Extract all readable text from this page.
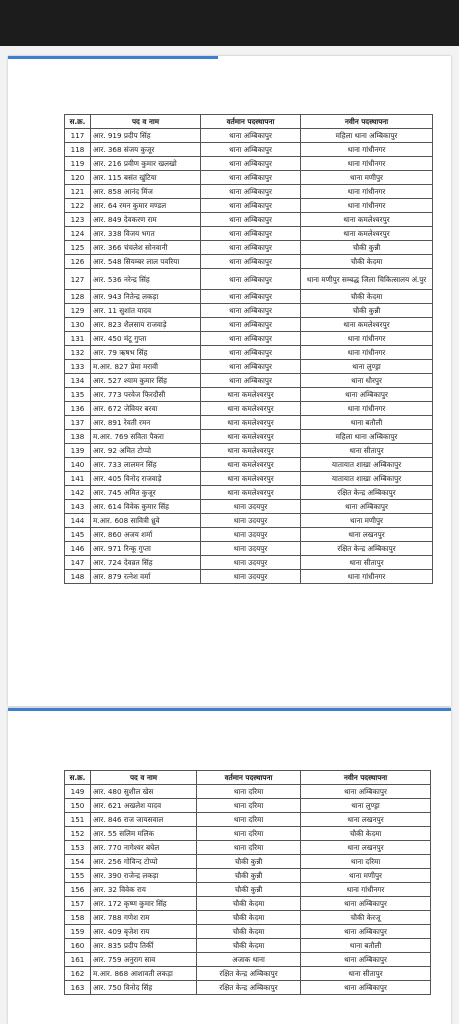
स.क्र.	पद व नाम	वर्तमान पदस्थापना	नवीन पदस्थापना
117	आर. 919 प्रदीप सिंह	थाना अम्बिकापुर	महिला थाना अम्बिकापुर
118	आर. 368 संजय कुजूर	थाना अम्बिकापुर	थाना गांधीनगर
119	आर. 216 प्रवीण कुमार खलखो	थाना अम्बिकापुर	थाना गांधीनगर
120	आर. 115 बसंत खुंटिया	थाना अम्बिकापुर	थाना मणीपुर
121	आर. 858 आनंद मिंज	थाना अम्बिकापुर	थाना गांधीनगर
122	आर. 64 रमन कुमार मण्डल	थाना अम्बिकापुर	थाना गांधीनगर
123	आर. 849 देवकरण राम	थाना अम्बिकापुर	थाना कमलेश्वरपुर
124	आर. 338 विजय भगत	थाना अम्बिकापुर	थाना कमलेश्वरपुर
125	आर. 366 चंचलेश सोनवानी	थाना अम्बिकापुर	चौकी कुन्नी
126	आर. 548 सियम्बर लाल पवरिया	थाना अम्बिकापुर	चौकी केदमा
127	आर. 536 नरेन्द्र सिंह	थाना अम्बिकापुर	थाना मणीपुर सम्बद्ध जिला चिकित्सालय अं.पुर
128	आर. 943 नितेन्द्र लकड़ा	थाना अम्बिकापुर	चौकी केदमा
129	आर. 11 सुशांत यादव	थाना अम्बिकापुर	चौकी कुन्नी
130	आर. 823 शैलसाय राजवाड़े	थाना अम्बिकापुर	थाना कमलेश्वरपुर
131	आर. 450 मंटू गुप्ता	थाना अम्बिकापुर	थाना गांधीनगर
132	आर. 79 ऋषभ सिंह	थाना अम्बिकापुर	थाना गांधीनगर
133	म.आर. 827 प्रेमा मरावी	थाना अम्बिकापुर	थाना लुण्ड्रा
134	आर. 527 श्याम कुमार सिंह	थाना अम्बिकापुर	थाना धौरपुर
135	आर. 773 परवेज फिरदौसी	थाना कमलेश्वरपुर	थाना अम्बिकापुर
136	आर. 672 जेवियर बरवा	थाना कमलेश्वरपुर	थाना गांधीनगर
137	आर. 891 रेवती रमन	थाना कमलेश्वरपुर	थाना बतौली
138	म.आर. 769 सविता पैकरा	थाना कमलेश्वरपुर	महिला थाना अम्बिकापुर
139	आर. 92 अमित टोप्पो	थाना कमलेश्वरपुर	थाना सीतापुर
140	आर. 733 लालमन सिंह	थाना कमलेश्वरपुर	यातायात शाखा अम्बिकापुर
141	आर. 405 विनोद राजवाड़े	थाना कमलेश्वरपुर	यातायात शाखा अम्बिकापुर
142	आर. 745 अमित कुजूर	थाना कमलेश्वरपुर	रक्षित केन्द्र अम्बिकापुर
143	आर. 614 विवेक कुमार सिंह	थाना उदयपुर	थाना अम्बिकापुर
144	म.आर. 608 सावित्री ध्रुवे	थाना उदयपुर	थाना मणीपुर
145	आर. 860 अजय शर्मा	थाना उदयपुर	थाना लखनपुर
146	आर. 971 रिन्कू गुप्ता	थाना उदयपुर	रक्षित केन्द्र अम्बिकापुर
147	आर. 724 देवव्रत सिंह	थाना उदयपुर	थाना सीतापुर
148	आर. 879 रत्नेश वर्मा	थाना उदयपुर	थाना गांधीनगर
स.क्र.	पद व नाम	वर्तमान पदस्थापना	नवीन पदस्थापना
149	आर. 480 सुशील खेस	थाना दरिमा	थाना अम्बिकापुर
150	आर. 621 अखलेश यादव	थाना दरिमा	थाना लुण्ड्रा
151	आर. 846 राज जायसवाल	थाना दरिमा	थाना लखनपुर
152	आर. 55 सलिम मलिक	थाना दरिमा	चौकी केदमा
153	आर. 770 नागेश्वर बघेल	थाना दरिमा	थाना लखनपुर
154	आर. 256 गोविन्द टोप्पो	चौकी कुन्नी	थाना दरिमा
155	आर. 390 राजेन्द्र लकड़ा	चौकी कुन्नी	थाना मणीपुर
156	आर. 32 विवेक राय	चौकी कुन्नी	थाना गांधीनगर
157	आर. 172 कृष्ण कुमार सिंह	चौकी केदमा	थाना अम्बिकापुर
158	आर. 788 गणेश राम	चौकी केदमा	चौकी केरजू
159	आर. 409 बृजेश राय	चौकी केदमा	थाना अम्बिकापुर
160	आर. 835 प्रदीप तिर्की	चौकी केदमा	थाना बतौली
161	आर. 759 अनुराग साव	अजाक थाना	थाना अम्बिकापुर
162	म.आर. 868 आशावती लकड़ा	रक्षित केन्द्र अम्बिकापुर	थाना सीतापुर
163	आर. 750 विनोद सिंह	रक्षित केन्द्र अम्बिकापुर	थाना अम्बिकापुर
